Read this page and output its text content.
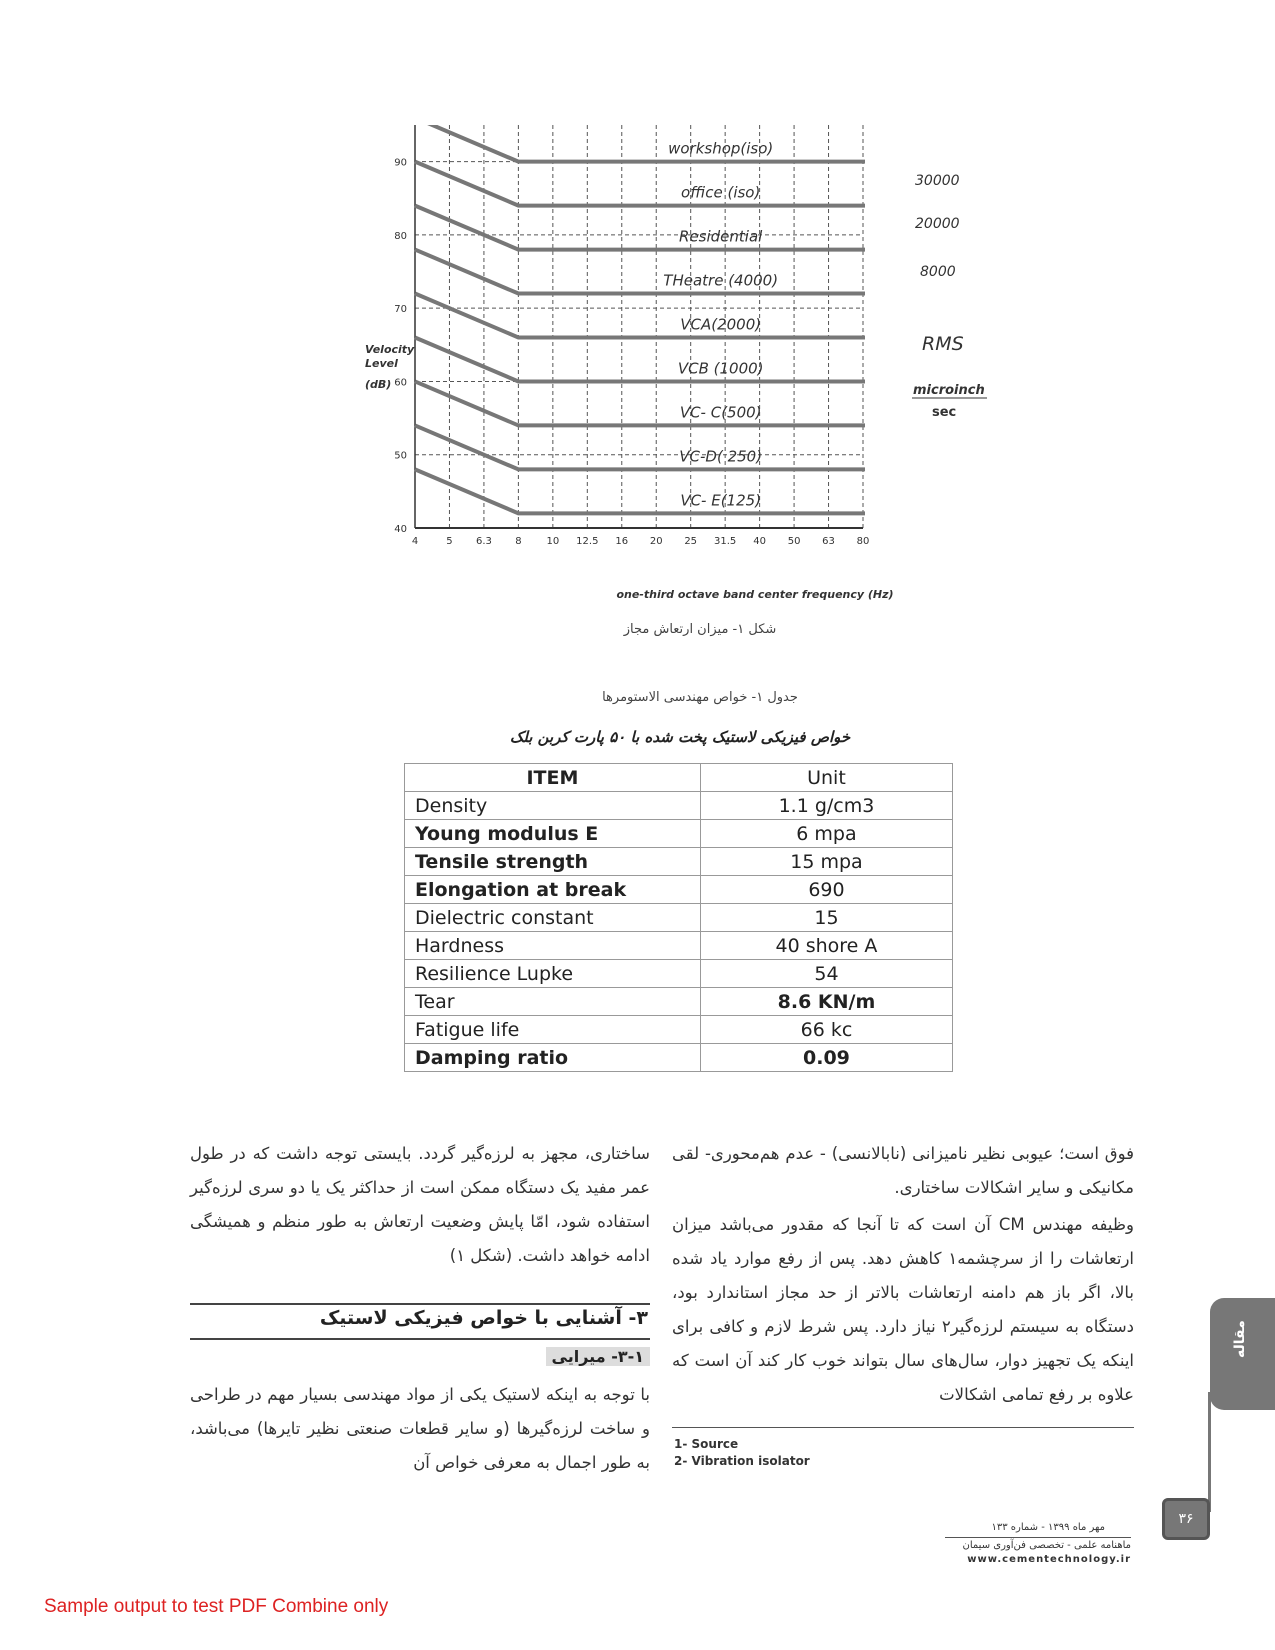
workshop(iso)
office (iso)
Residential
THeatre (4000)
VCA(2000)
VCB (1000)
VC- C(500)
VC-D( 250)
VC- E(125)
4	5 6.3 8 10 12.5 16 20 25 31.5 40 50 63 80
40
50
60
70
80
90
Velocity
Level
(dB)
one-third octave band center frequency (Hz)
30000
20000
8000
RMS
microinch
sec
شکل ۱- میزان ارتعاش مجاز
جدول ۱- خواص مهندسی الاستومرها
خواص فیزیکی لاستیک پخت شده با ۵۰ پارت کربن بلک
ITEM	Unit
Density	1.1 g/cm3
Young modulus E	6 mpa
Tensile strength	15 mpa
Elongation at break	690
Dielectric constant	15
Hardness	40 shore A
Resilience Lupke	54
Tear	8.6 KN/m
Fatigue life	66 kc
Damping ratio	0.09
فوق است؛ عیوبی نظیر نامیزانی (نابالانسی) - عدم هم‌محوری- لقی مکانیکی و سایر اشکالات ساختاری.
وظیفه مهندس CM آن است که تا آنجا که مقدور می‌باشد میزان ارتعاشات را از سرچشمه۱ کاهش دهد. پس از رفع موارد یاد شده بالا، اگر باز هم دامنه ارتعاشات بالاتر از حد مجاز استاندارد بود، دستگاه به سیستم لرزه‌گیر۲ نیاز دارد. پس شرط لازم و کافی برای اینکه یک تجهیز دوار، سال‌های سال بتواند خوب کار کند آن است که علاوه بر رفع تمامی اشکالات
1- Source
2- Vibration isolator
ساختاری، مجهز به لرزه‌گیر گردد. بایستی توجه داشت که در طول عمر مفید یک دستگاه ممکن است از حداکثر یک یا دو سری لرزه‌گیر استفاده شود، امّا پایش وضعیت ارتعاش به طور منظم و همیشگی ادامه خواهد داشت. (شکل ۱)
۳- آشنایی با خواص فیزیکی لاستیک
۳-۱- میرایی
با توجه به اینکه لاستیک یکی از مواد مهندسی بسیار مهم در طراحی و ساخت لرزه‌گیرها (و سایر قطعات صنعتی نظیر تایرها) می‌باشد، به طور اجمال به معرفی خواص آن
مقاله
۳۶
مهر ماه ۱۳۹۹ - شماره ۱۳۳
ماهنامه علمی - تخصصی فن‌آوری سیمان
www.cementechnology.ir
Sample output to test PDF Combine only
